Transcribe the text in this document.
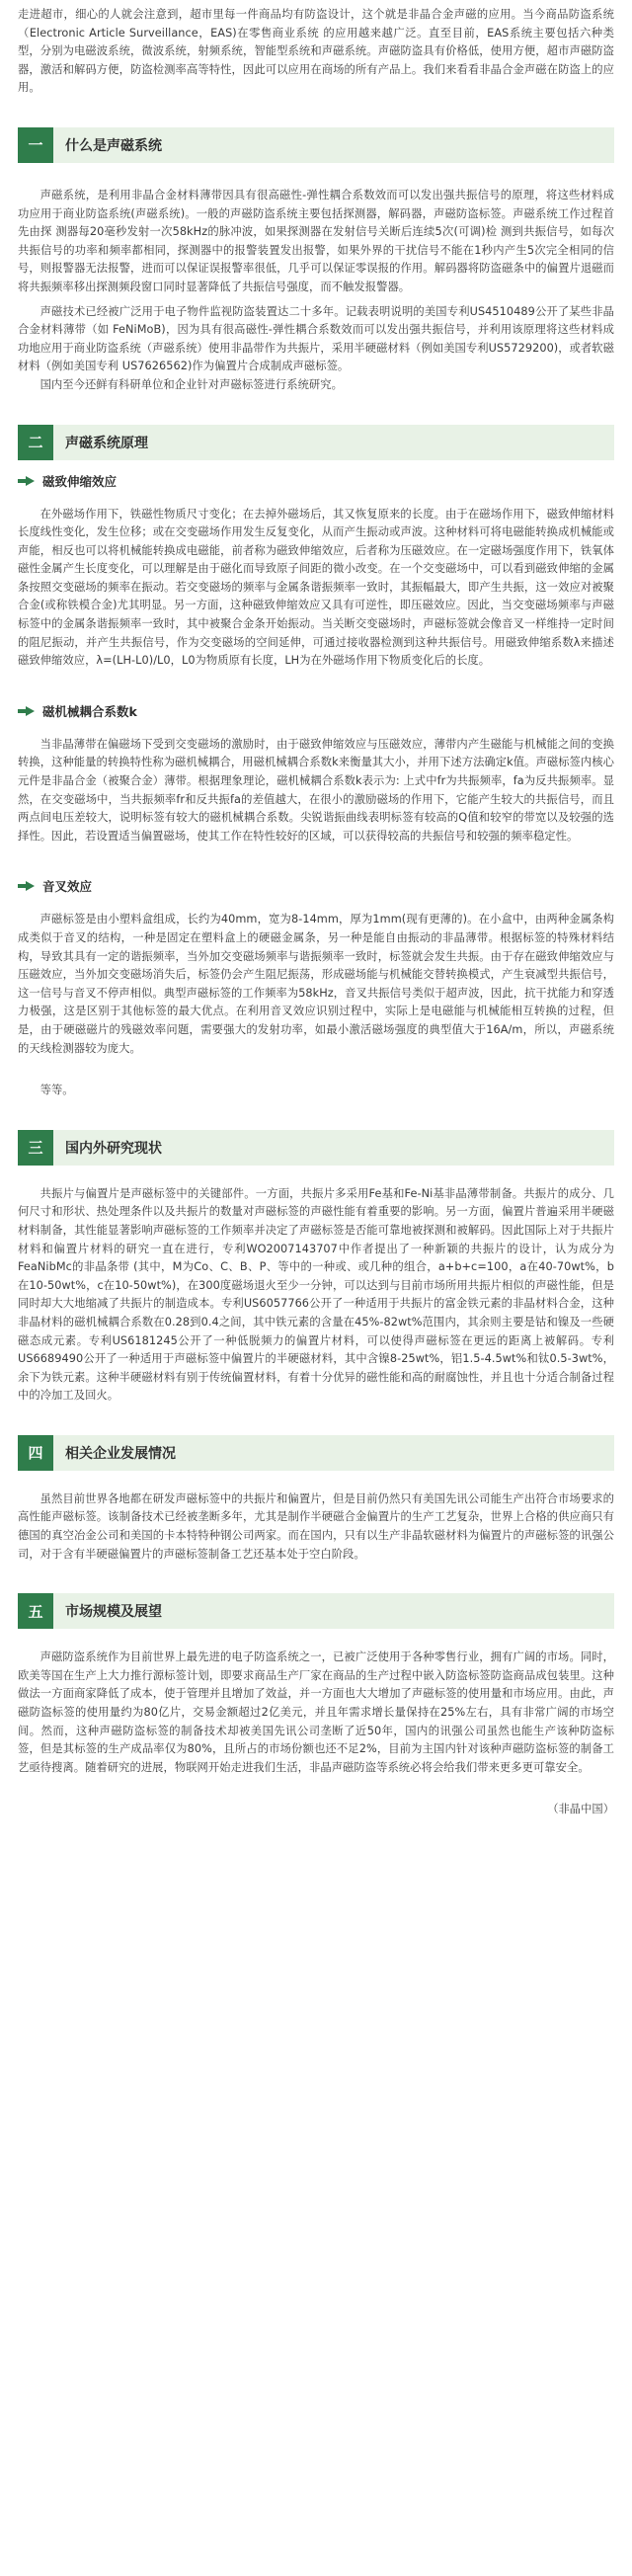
走进超市，细心的人就会注意到，超市里每一件商品均有防盗设计，这个就是非晶合金声磁的应用。当今商品防盗系统（Electronic Article Surveillance，EAS)在零售商业系统 的应用越来越广泛。直至目前，EAS系统主要包括六种类型，分别为电磁波系统，微波系统，射频系统，智能型系统和声磁系统。声磁防盗具有价格低，使用方便，超市声磁防盗器，激活和解码方便，防盗检测率高等特性，因此可以应用在商场的所有产品上。我们来看看非晶合金声磁在防盗上的应用。

一	什么是声磁系统

声磁系统，是利用非晶合金材料薄带因具有很高磁性-弹性耦合系数效而可以发出强共振信号的原理，将这些材料成功应用于商业防盗系统(声磁系统)。一般的声磁防盗系统主要包括探测器，解码器，声磁防盗标签。声磁系统工作过程首先由探 测器每20毫秒发射一次58kHz的脉冲波，如果探测器在发射信号关断后连续5次(可调)检 测到共振信号，如每次共振信号的功率和频率都相同，探测器中的报警装置发出报警，如果外界的干扰信号不能在1秒内产生5次完全相同的信号，则报警器无法报警，进而可以保证误报警率很低，几乎可以保证零误报的作用。解码器将防盗磁条中的偏置片退磁而将共振频率移出探测频段窗口同时显著降低了共振信号强度，而不触发报警器。

声磁技术已经被广泛用于电子物件监视防盗装置达二十多年。记载表明说明的美国专利US4510489公开了某些非晶合金材料薄带（如 FeNiMoB)，因为具有很高磁性-弹性耦合系数效而可以发出强共振信号，并利用该原理将这些材料成功地应用于商业防盗系统（声磁系统）使用非晶带作为共振片，采用半硬磁材料（例如美国专利US5729200)，或者软磁材料（例如美国专利 US7626562)作为偏置片合成制成声磁标签。

国内至今还鲜有科研单位和企业针对声磁标签进行系统研究。

二	声磁系统原理
磁致伸缩效应

在外磁场作用下，铁磁性物质尺寸变化；在去掉外磁场后，其又恢复原来的长度。由于在磁场作用下，磁致伸缩材料长度线性变化，发生位移；或在交变磁场作用发生反复变化，从而产生振动或声波。这种材料可将电磁能转换成机械能或声能，相反也可以将机械能转换成电磁能，前者称为磁致伸缩效应，后者称为压磁效应。在一定磁场强度作用下，铁氧体磁性金属产生长度变化，可以理解是由于磁化而导致原子间距的微小改变。在一个交变磁场中，可以看到磁致伸缩的金属条按照交变磁场的频率在振动。若交变磁场的频率与金属条谐振频率一致时，其振幅最大，即产生共振，这一效应对被聚合金(或称铁模合金)尤其明显。另一方面，这种磁致伸缩效应又具有可逆性，即压磁效应。因此，当交变磁场频率与声磁标签中的金属条谐振频率一致时，其中被聚合金条开始振动。当关断交变磁场时，声磁标签就会像音叉一样维持一定时间的阻尼振动，并产生共振信号，作为交变磁场的空间延伸，可通过接收器检测到这种共振信号。用磁致伸缩系数λ来描述磁致伸缩效应，λ=(LH-L0)/L0，L0为物质原有长度，LH为在外磁场作用下物质变化后的长度。

磁机械耦合系数k

当非晶薄带在偏磁场下受到交变磁场的激励时，由于磁致伸缩效应与压磁效应，薄带内产生磁能与机械能之间的变换转换，这种能量的转换特性称为磁机械耦合，用磁机械耦合系数k来衡量其大小，并用下述方法确定k值。声磁标签内核心元件是非晶合金（被聚合金）薄带。根据理象理论，磁机械耦合系数k表示为: 上式中fr为共振频率，fa为反共振频率。显然，在交变磁场中，当共振频率fr和反共振fa的差值越大，在很小的激励磁场的作用下，它能产生较大的共振信号，而且两点间电压差较大，说明标签有较大的磁机械耦合系数。尖锐谐振曲线表明标签有较高的Q值和较窄的带宽以及较强的选择性。因此，若设置适当偏置磁场，使其工作在特性较好的区域，可以获得较高的共振信号和较强的频率稳定性。

音叉效应

声磁标签是由小塑料盒组成，长约为40mm，宽为8-14mm，厚为1mm(现有更薄的)。在小盒中，由两种金属条构成类似于音叉的结构，一种是固定在塑料盒上的硬磁金属条，另一种是能自由振动的非晶薄带。根据标签的特殊材料结构，导致其具有一定的谐振频率，当外加交变磁场频率与谐振频率一致时，标签就会发生共振。由于存在磁致伸缩效应与压磁效应，当外加交变磁场消失后，标签仍会产生阻尼振荡，形成磁场能与机械能交替转换模式，产生衰减型共振信号，这一信号与音叉不停声相似。典型声磁标签的工作频率为58kHz，音叉共振信号类似于超声波，因此，抗干扰能力和穿透力极强，这是区别于其他标签的最大优点。在利用音叉效应识别过程中，实际上是电磁能与机械能相互转换的过程，但是，由于硬磁磁片的残磁效率问题，需要强大的发射功率，如最小激活磁场强度的典型值大于16A/m，所以，声磁系统的天线检测器较为庞大。

等等。

三	国内外研究现状

共振片与偏置片是声磁标签中的关键部件。一方面，共振片多采用Fe基和Fe-Ni基非晶薄带制备。共振片的成分、几何尺寸和形状、热处理条件以及共振片的数量对声磁标签的声磁性能有着重要的影响。另一方面，偏置片普遍采用半硬磁材料制备，其性能显著影响声磁标签的工作频率并决定了声磁标签是否能可靠地被探测和被解码。因此国际上对于共振片材料和偏置片材料的研究一直在进行，专利WO2007143707中作者提出了一种新颖的共振片的设计，认为成分为FeaNibMc的非晶条带 (其中，M为Co、C、B、P、等中的一种或、或几种的组合，a+b+c=100，a在40-70wt%，b在10-50wt%，c在10-50wt%)，在300度磁场退火至少一分钟，可以达到与目前市场所用共振片相似的声磁性能，但是同时却大大地缩减了共振片的制造成本。专利US6057766公开了一种适用于共振片的富金铁元素的非晶材料合金，这种非晶材料的磁机械耦合系数在0.28到0.4之间，其中铁元素的含量在45%-82wt%范围内，其余则主要是钴和镍及一些硬磁态成元素。专利US6181245公开了一种低脱频力的偏置片材料，可以使得声磁标签在更远的距离上被解码。专利US6689490公开了一种适用于声磁标签中偏置片的半硬磁材料，其中含镍8-25wt%，铝1.5-4.5wt%和钛0.5-3wt%，余下为铁元素。这种半硬磁材料有别于传统偏置材料，有着十分优异的磁性能和高的耐腐蚀性，并且也十分适合制备过程中的冷加工及回火。

四	相关企业发展情况

虽然目前世界各地都在研发声磁标签中的共振片和偏置片，但是目前仍然只有美国先讯公司能生产出符合市场要求的高性能声磁标签。该制备技术已经被垄断多年，尤其是制作半硬磁合金偏置片的生产工艺复杂，世界上合格的供应商只有德国的真空冶金公司和美国的卡本特特种钢公司两家。而在国内，只有以生产非晶软磁材料为偏置片的声磁标签的讯强公司，对于含有半硬磁偏置片的声磁标签制备工艺还基本处于空白阶段。

五	市场规模及展望

声磁防盗系统作为目前世界上最先进的电子防盗系统之一，已被广泛使用于各种零售行业，拥有广阔的市场。同时，欧美等国在生产上大力推行源标签计划，即要求商品生产厂家在商品的生产过程中嵌入防盗标签防盗商品成包装里。这种做法一方面商家降低了成本，使于管理并且增加了效益，并一方面也大大增加了声磁标签的使用量和市场应用。由此，声磁防盗标签的使用量约为80亿片，交易金额超过2亿美元，并且年需求增长量保持在25%左右，具有非常广阔的市场空间。然而，这种声磁防盗标签的制备技术却被美国先讯公司垄断了近50年，国内的讯强公司虽然也能生产该种防盗标签，但是其标签的生产成品率仅为80%，且所占的市场份额也还不足2%，目前为主国内针对该种声磁防盗标签的制备工艺亟待搜离。随着研究的进展，物联网开始走进我们生活，非晶声磁防盗等系统必将会给我们带来更多更可靠安全。

（非晶中国）
